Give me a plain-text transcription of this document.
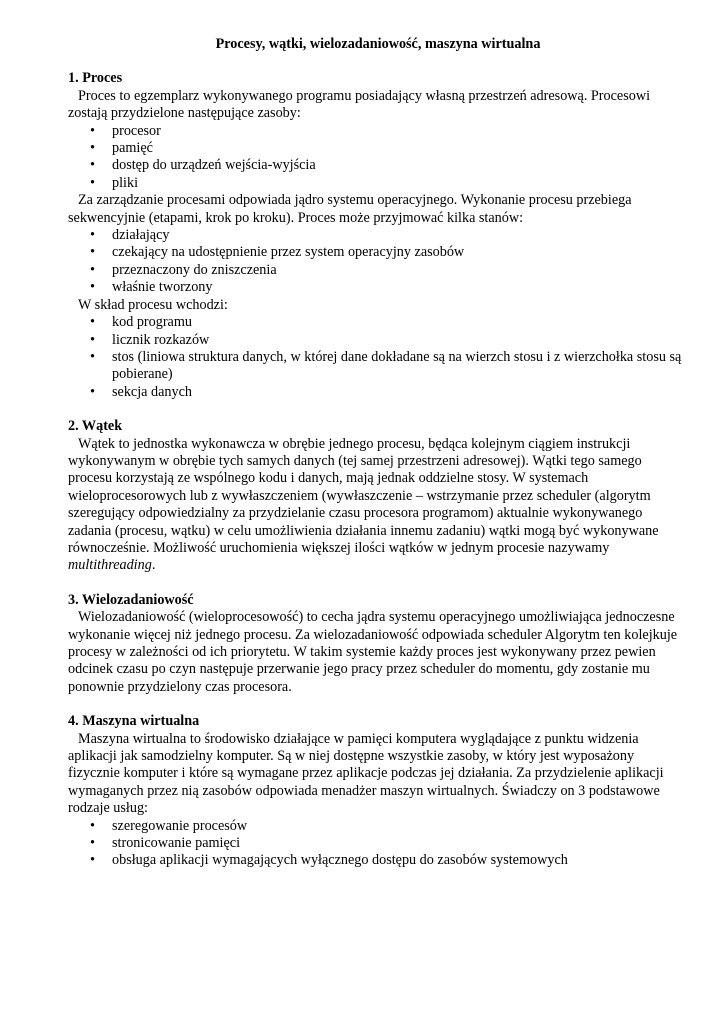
Procesy, wątki, wielozadaniowość, maszyna wirtualna
1. Proces

Proces to egzemplarz wykonywanego programu posiadający własną przestrzeń adresową. Procesowi zostają przydzielone następujące zasoby:

• procesor
• pamięć
• dostęp do urządzeń wejścia-wyjścia
• pliki

Za zarządzanie procesami odpowiada jądro systemu operacyjnego. Wykonanie procesu przebiega sekwencyjnie (etapami, krok po kroku). Proces może przyjmować kilka stanów:

• działający
• czekający na udostępnienie przez system operacyjny zasobów
• przeznaczony do zniszczenia
• właśnie tworzony

W skład procesu wchodzi:

• kod programu
• licznik rozkazów
• stos (liniowa struktura danych, w której dane dokładane są na wierzch stosu i z wierzchołka stosu są pobierane)
• sekcja danych
2. Wątek

Wątek to jednostka wykonawcza w obrębie jednego procesu, będąca kolejnym ciągiem instrukcji wykonywanym w obrębie tych samych danych (tej samej przestrzeni adresowej). Wątki tego samego procesu korzystają ze wspólnego kodu i danych, mają jednak oddzielne stosy. W systemach wieloprocesorowych lub z wywłaszczeniem (wywłaszczenie – wstrzymanie przez scheduler (algorytm szeregujący odpowiedzialny za przydzielanie czasu procesora programom) aktualnie wykonywanego zadania (procesu, wątku) w celu umożliwienia działania innemu zadaniu) wątki mogą być wykonywane równocześnie. Możliwość uruchomienia większej ilości wątków w jednym procesie nazywamy multithreading.

3. Wielozadaniowość

Wielozadaniowość (wieloprocesowość) to cecha jądra systemu operacyjnego umożliwiająca jednoczesne wykonanie więcej niż jednego procesu. Za wielozadaniowość odpowiada scheduler Algorytm ten kolejkuje procesy w zależności od ich priorytetu. W takim systemie każdy proces jest wykonywany przez pewien odcinek czasu po czyn następuje przerwanie jego pracy przez scheduler do momentu, gdy zostanie mu ponownie przydzielony czas procesora.

4. Maszyna wirtualna

Maszyna wirtualna to środowisko działające w pamięci komputera wyglądające z punktu widzenia aplikacji jak samodzielny komputer. Są w niej dostępne wszystkie zasoby, w który jest wyposażony fizycznie komputer i które są wymagane przez aplikacje podczas jej działania. Za przydzielenie aplikacji wymaganych przez nią zasobów odpowiada menadżer maszyn wirtualnych. Świadczy on 3 podstawowe rodzaje usług:

• szeregowanie procesów
• stronicowanie pamięci
• obsługa aplikacji wymagających wyłącznego dostępu do zasobów systemowych
